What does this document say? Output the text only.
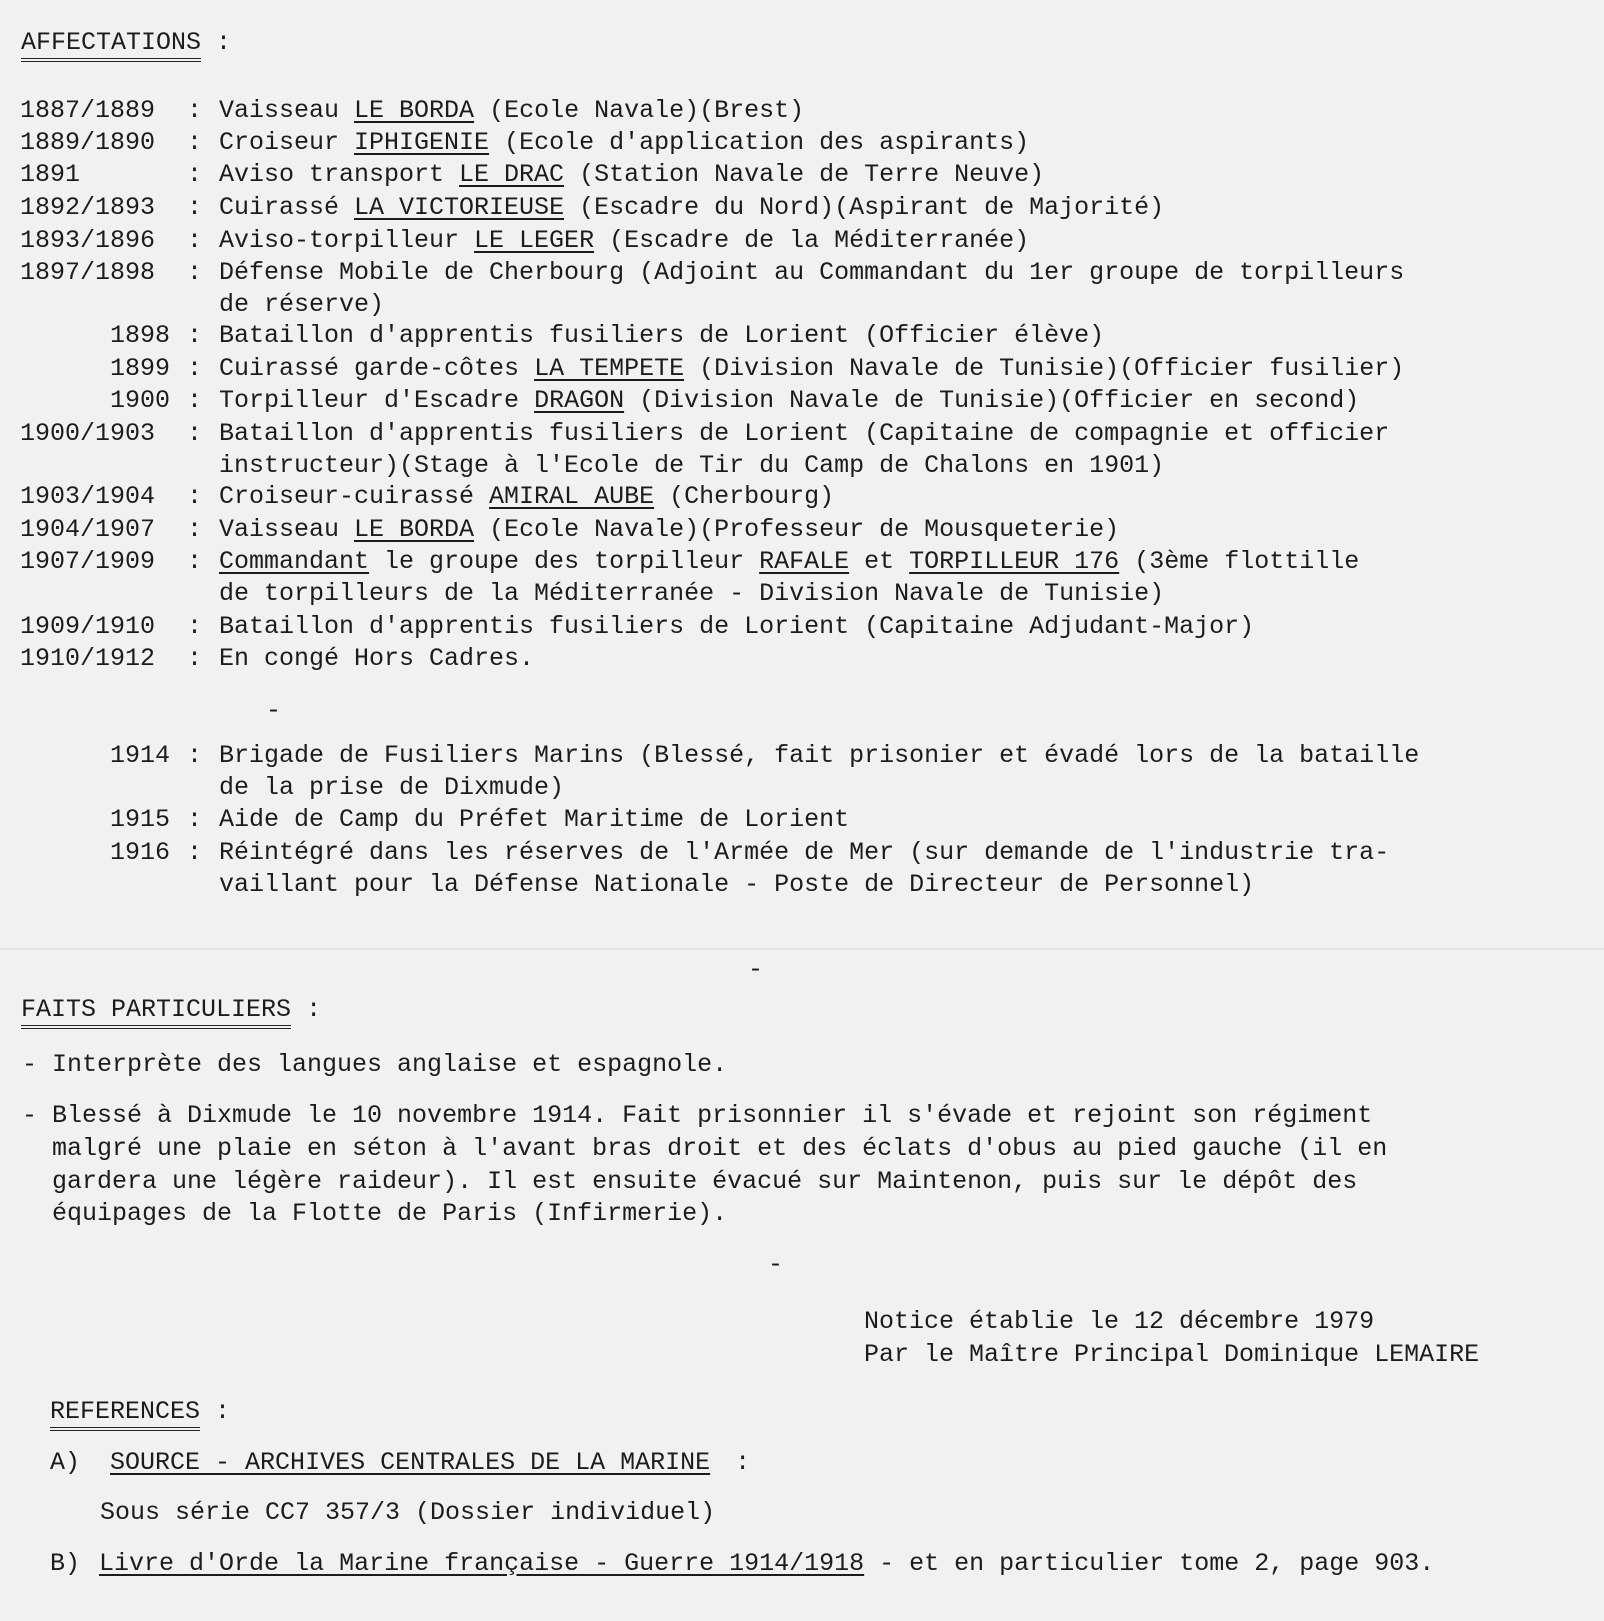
AFFECTATIONS :
1887/1889	: Vaisseau LE BORDA (Ecole Navale)(Brest)
1889/1890	: Croiseur IPHIGENIE (Ecole d'application des aspirants)
1891	: Aviso transport LE DRAC (Station Navale de Terre Neuve)
1892/1893	: Cuirassé LA VICTORIEUSE (Escadre du Nord)(Aspirant de Majorité)
1893/1896	: Aviso-torpilleur LE LEGER (Escadre de la Méditerranée)
1897/1898	: Défense Mobile de Cherbourg (Adjoint au Commandant du 1er groupe de torpilleurs
de réserve)
1898 : Bataillon d'apprentis fusiliers de Lorient (Officier élève)
1899 : Cuirassé garde-côtes LA TEMPETE (Division Navale de Tunisie)(Officier fusilier)
1900 : Torpilleur d'Escadre DRAGON (Division Navale de Tunisie)(Officier en second)
1900/1903	: Bataillon d'apprentis fusiliers de Lorient (Capitaine de compagnie et officier
instructeur)(Stage à l'Ecole de Tir du Camp de Chalons en 1901)
1903/1904	: Croiseur-cuirassé AMIRAL AUBE (Cherbourg)
1904/1907	: Vaisseau LE BORDA (Ecole Navale)(Professeur de Mousqueterie)
1907/1909	: Commandant le groupe des torpilleur RAFALE et TORPILLEUR 176 (3ème flottille
de torpilleurs de la Méditerranée - Division Navale de Tunisie)
1909/1910	: Bataillon d'apprentis fusiliers de Lorient (Capitaine Adjudant-Major)
1910/1912	: En congé Hors Cadres.
-
1914 : Brigade de Fusiliers Marins (Blessé, fait prisonier et évadé lors de la bataille
de la prise de Dixmude)
1915 : Aide de Camp du Préfet Maritime de Lorient
1916 : Réintégré dans les réserves de l'Armée de Mer (sur demande de l'industrie tra-
vaillant pour la Défense Nationale - Poste de Directeur de Personnel)
-
FAITS PARTICULIERS :
- Interprète des langues anglaise et espagnole.
- Blessé à Dixmude le 10 novembre 1914. Fait prisonnier il s'évade et rejoint son régiment
malgré une plaie en séton à l'avant bras droit et des éclats d'obus au pied gauche (il en
gardera une légère raideur). Il est ensuite évacué sur Maintenon, puis sur le dépôt des
équipages de la Flotte de Paris (Infirmerie).
-
Notice établie le 12 décembre 1979
Par le Maître Principal Dominique LEMAIRE
REFERENCES :
A) SOURCE - ARCHIVES CENTRALES DE LA MARINE :
Sous série CC7 357/3 (Dossier individuel)
B) Livre d'Orde la Marine française - Guerre 1914/1918 - et en particulier tome 2, page 903.
